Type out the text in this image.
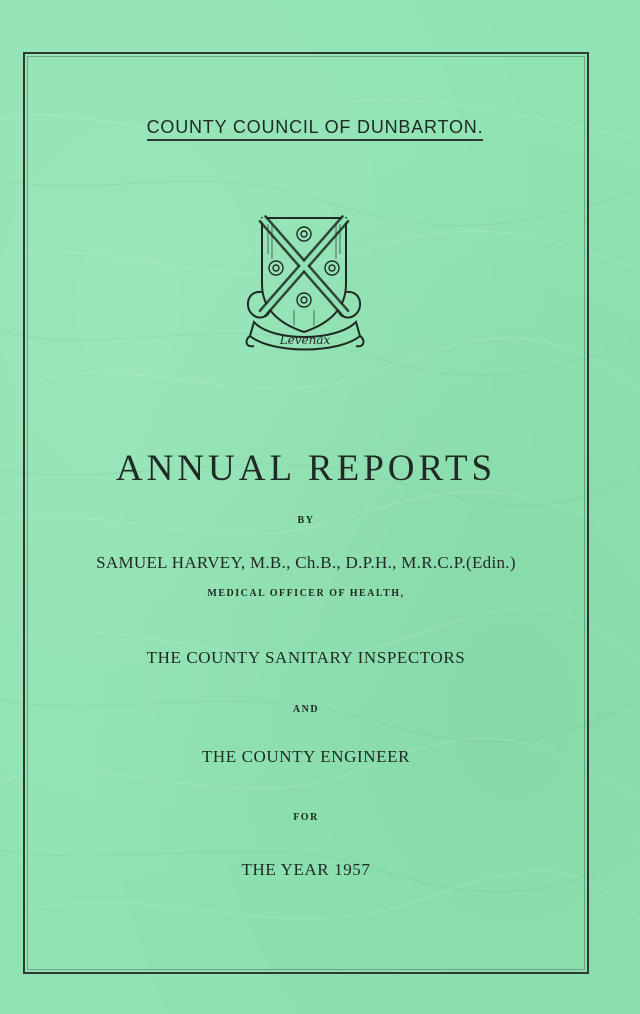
COUNTY COUNCIL OF DUNBARTON.
Levenax
ANNUAL REPORTS
BY
SAMUEL HARVEY, M.B., Ch.B., D.P.H., M.R.C.P.(Edin.)
MEDICAL OFFICER OF HEALTH,
THE COUNTY SANITARY INSPECTORS
AND
THE COUNTY ENGINEER
FOR
THE YEAR 1957
